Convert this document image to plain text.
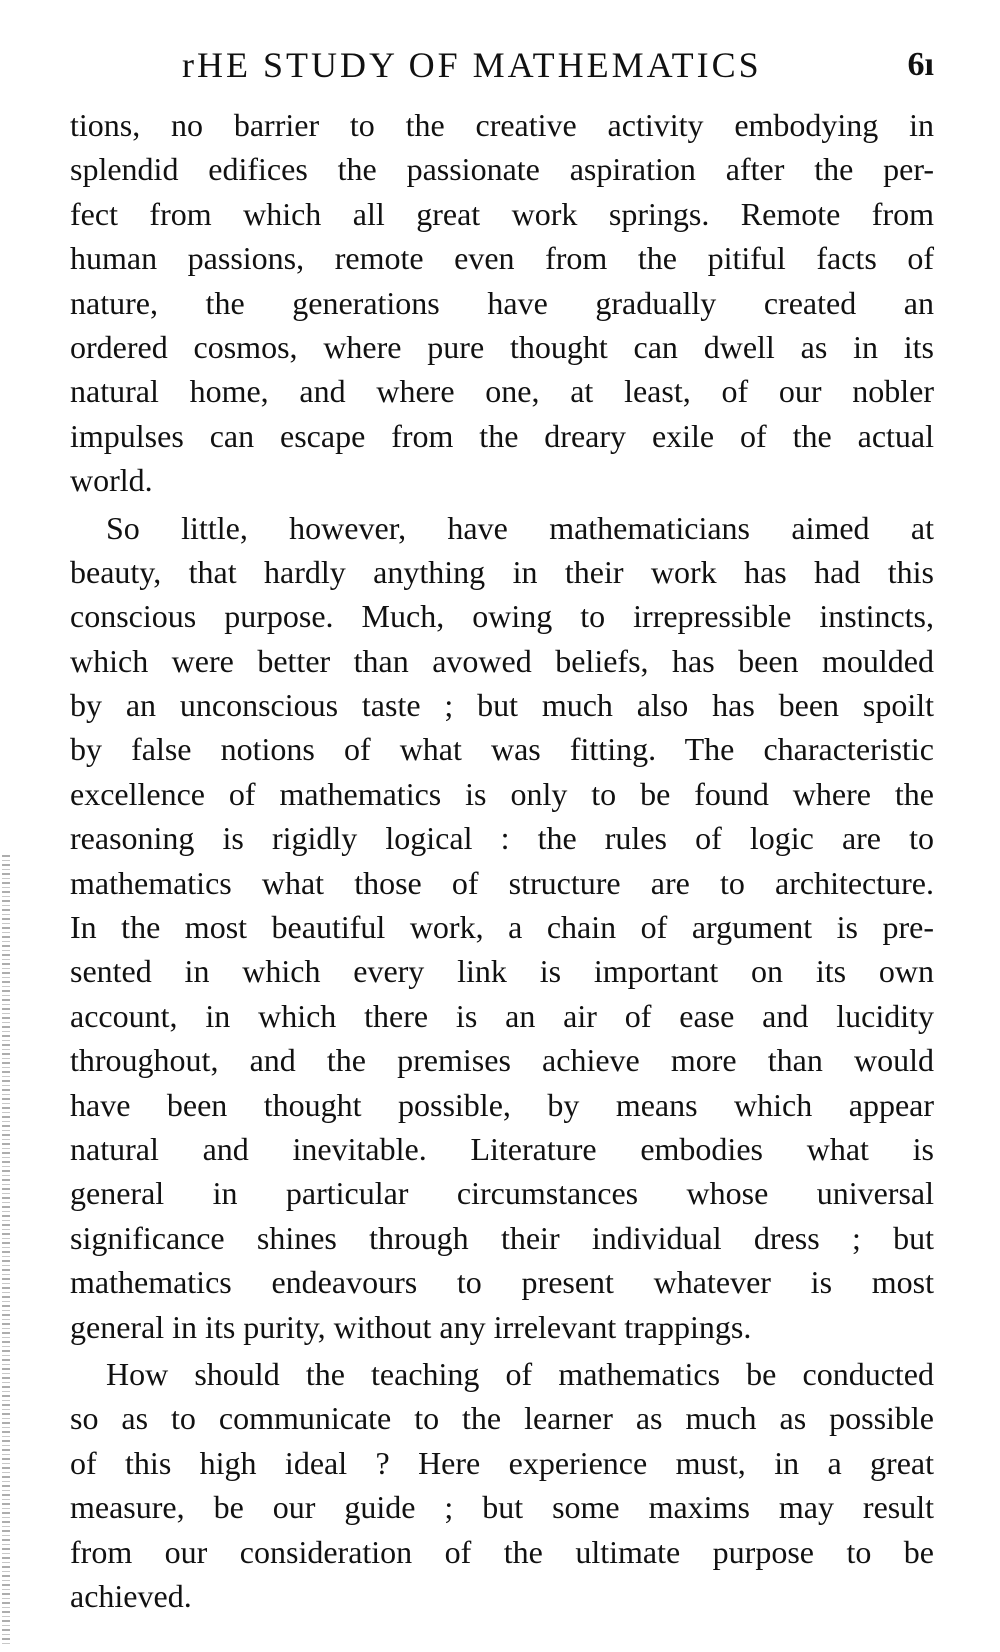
rHE STUDY OF MATHEMATICS	6ı

tions, no barrier to the creative activity embodying in
splendid edifices the passionate aspiration after the per-
fect from which all great work springs. Remote from
human passions, remote even from the pitiful facts of
nature, the generations have gradually created an
ordered cosmos, where pure thought can dwell as in its
natural home, and where one, at least, of our nobler
impulses can escape from the dreary exile of the actual
world.

So little, however, have mathematicians aimed at
beauty, that hardly anything in their work has had this
conscious purpose. Much, owing to irrepressible instincts,
which were better than avowed beliefs, has been moulded
by an unconscious taste ; but much also has been spoilt
by false notions of what was fitting. The characteristic
excellence of mathematics is only to be found where the
reasoning is rigidly logical : the rules of logic are to
mathematics what those of structure are to architecture.
In the most beautiful work, a chain of argument is pre-
sented in which every link is important on its own
account, in which there is an air of ease and lucidity
throughout, and the premises achieve more than would
have been thought possible, by means which appear
natural and inevitable. Literature embodies what is
general in particular circumstances whose universal
significance shines through their individual dress ; but
mathematics endeavours to present whatever is most
general in its purity, without any irrelevant trappings.

How should the teaching of mathematics be conducted
so as to communicate to the learner as much as possible
of this high ideal ? Here experience must, in a great
measure, be our guide ; but some maxims may result
from our consideration of the ultimate purpose to be
achieved.
